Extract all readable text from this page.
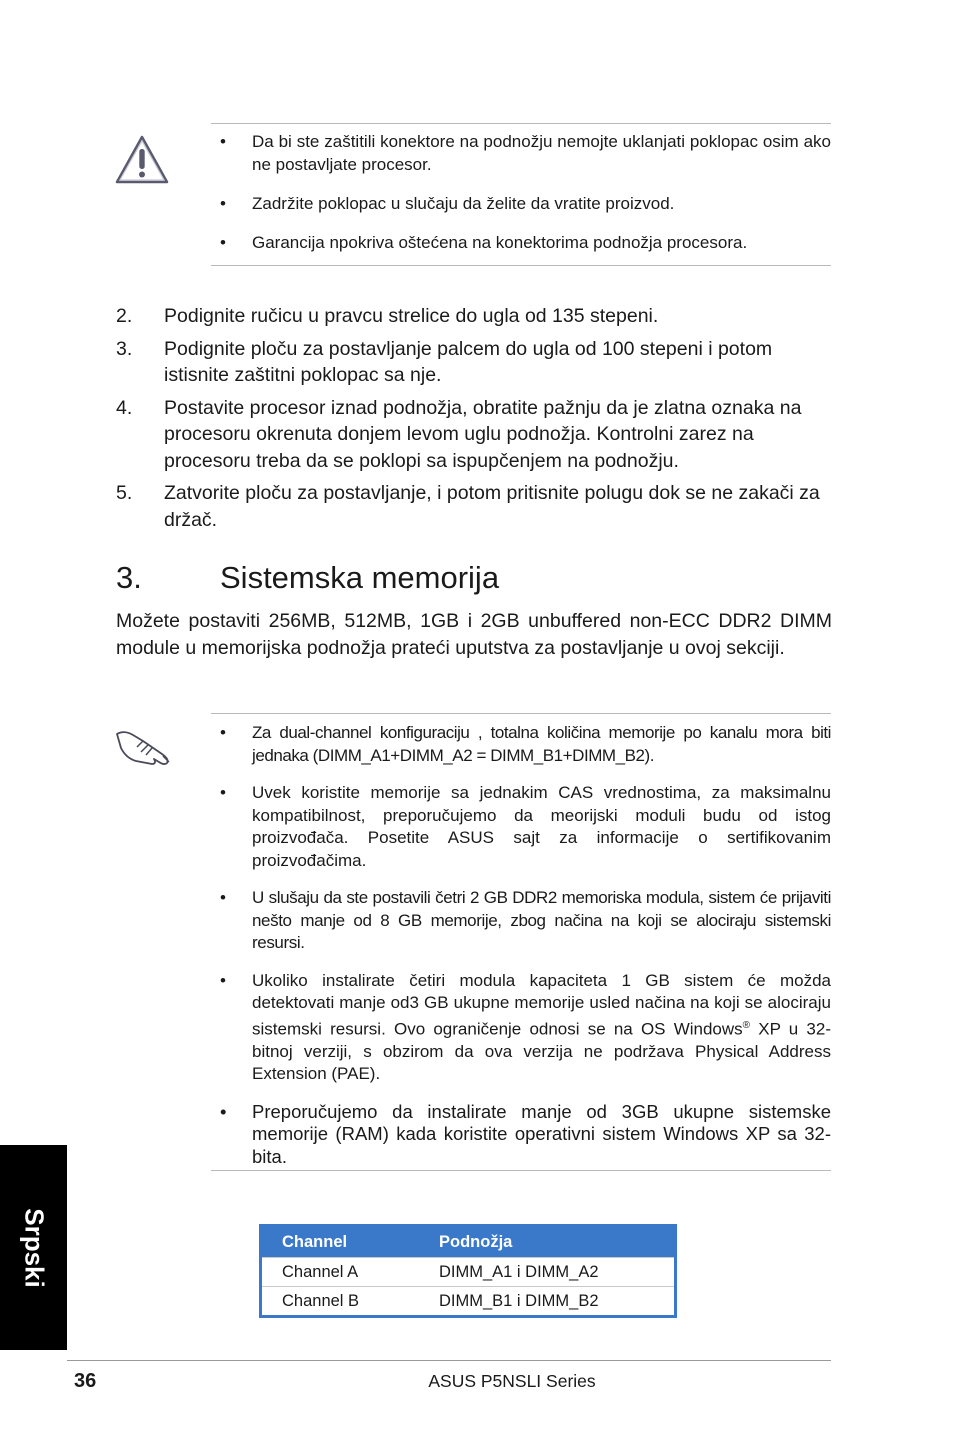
• Da bi ste zaštitili konektore na podnožju nemojte uklanjati poklopac osim ako ne postavljate procesor.
• Zadržite poklopac u slučaju da želite da vratite proizvod.
• Garancija npokriva oštećena na konektorima podnožja procesora.
2. Podignite ručicu u pravcu strelice do ugla od 135 stepeni.
3. Podignite ploču za postavljanje palcem do ugla od 100 stepeni i potom istisnite zaštitni poklopac sa nje.
4. Postavite procesor iznad podnožja, obratite pažnju da je zlatna oznaka na procesoru okrenuta donjem levom uglu podnožja. Kontrolni zarez na procesoru treba da se poklopi sa ispupčenjem na podnožju.
5. Zatvorite ploču za postavljanje, i potom pritisnite polugu dok se ne zakači za držač.
3.	Sistemska memorija

Možete postaviti 256MB, 512MB, 1GB i 2GB unbuffered non-ECC DDR2 DIMM module u memorijska podnožja prateći uputstva za postavljanje u ovoj sekciji.

• Za dual-channel konfiguraciju , totalna količina memorije po kanalu mora biti jednaka (DIMM_A1+DIMM_A2 = DIMM_B1+DIMM_B2).
• Uvek koristite memorije sa jednakim CAS vrednostima, za maksimalnu kompatibilnost, preporučujemo da meorijski moduli budu od istog proizvođača. Posetite ASUS sajt za informacije o sertifikovanim proizvođačima.
• U slušaju da ste postavili četri 2 GB DDR2 memoriska modula, sistem će prijaviti nešto manje od 8 GB memorije, zbog načina na koji se alociraju sistemski resursi.
• Ukoliko instalirate četiri modula kapaciteta 1 GB sistem će možda detektovati manje od3 GB ukupne memorije usled načina na koji se alociraju sistemski resursi. Ovo ograničenje odnosi se na OS Windows® XP u 32-bitnoj verziji, s obzirom da ova verzija ne podržava Physical Address Extension (PAE).
• Preporučujemo da instalirate manje od 3GB ukupne sistemske memorije (RAM) kada koristite operativni sistem Windows XP sa 32-bita.
Channel	Podnožja
Channel A	DIMM_A1 i DIMM_A2
Channel B	DIMM_B1 i DIMM_B2
Srpski
36	ASUS P5NSLI Series
